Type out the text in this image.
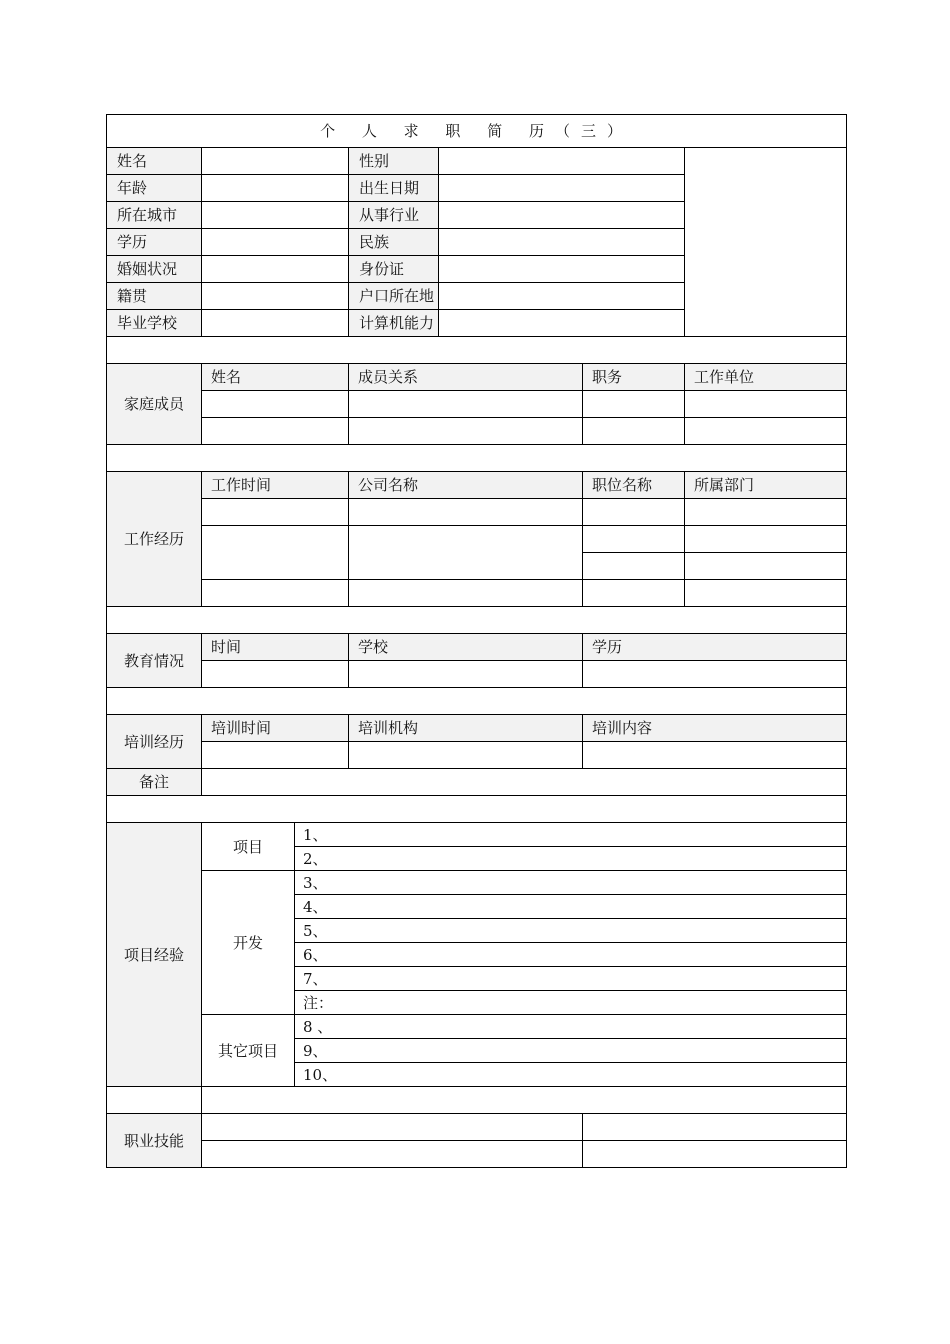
个 人 求 职 简 历（三）						
姓名			性别			
年龄			出生日期			
所在城市			从事行业			
学历			民族			
婚姻状况			身份证			
籍贯			户口所在地			
毕业学校			计算机能力			

家庭成员	姓名		成员关系		职务	工作单位

工作经历	工作时间		公司名称		职位名称	所属部门

教育情况	时间		学校		学历	

培训经历	培训时间		培训机构		培训内容	

备注						

项目经验	项目	1、				
		2、				
	开发	3、				
		4、				
		5、				
		6、				
		7、				
		注：				
	其它项目	8 、				
		9、				
		10、				

职业技能						
